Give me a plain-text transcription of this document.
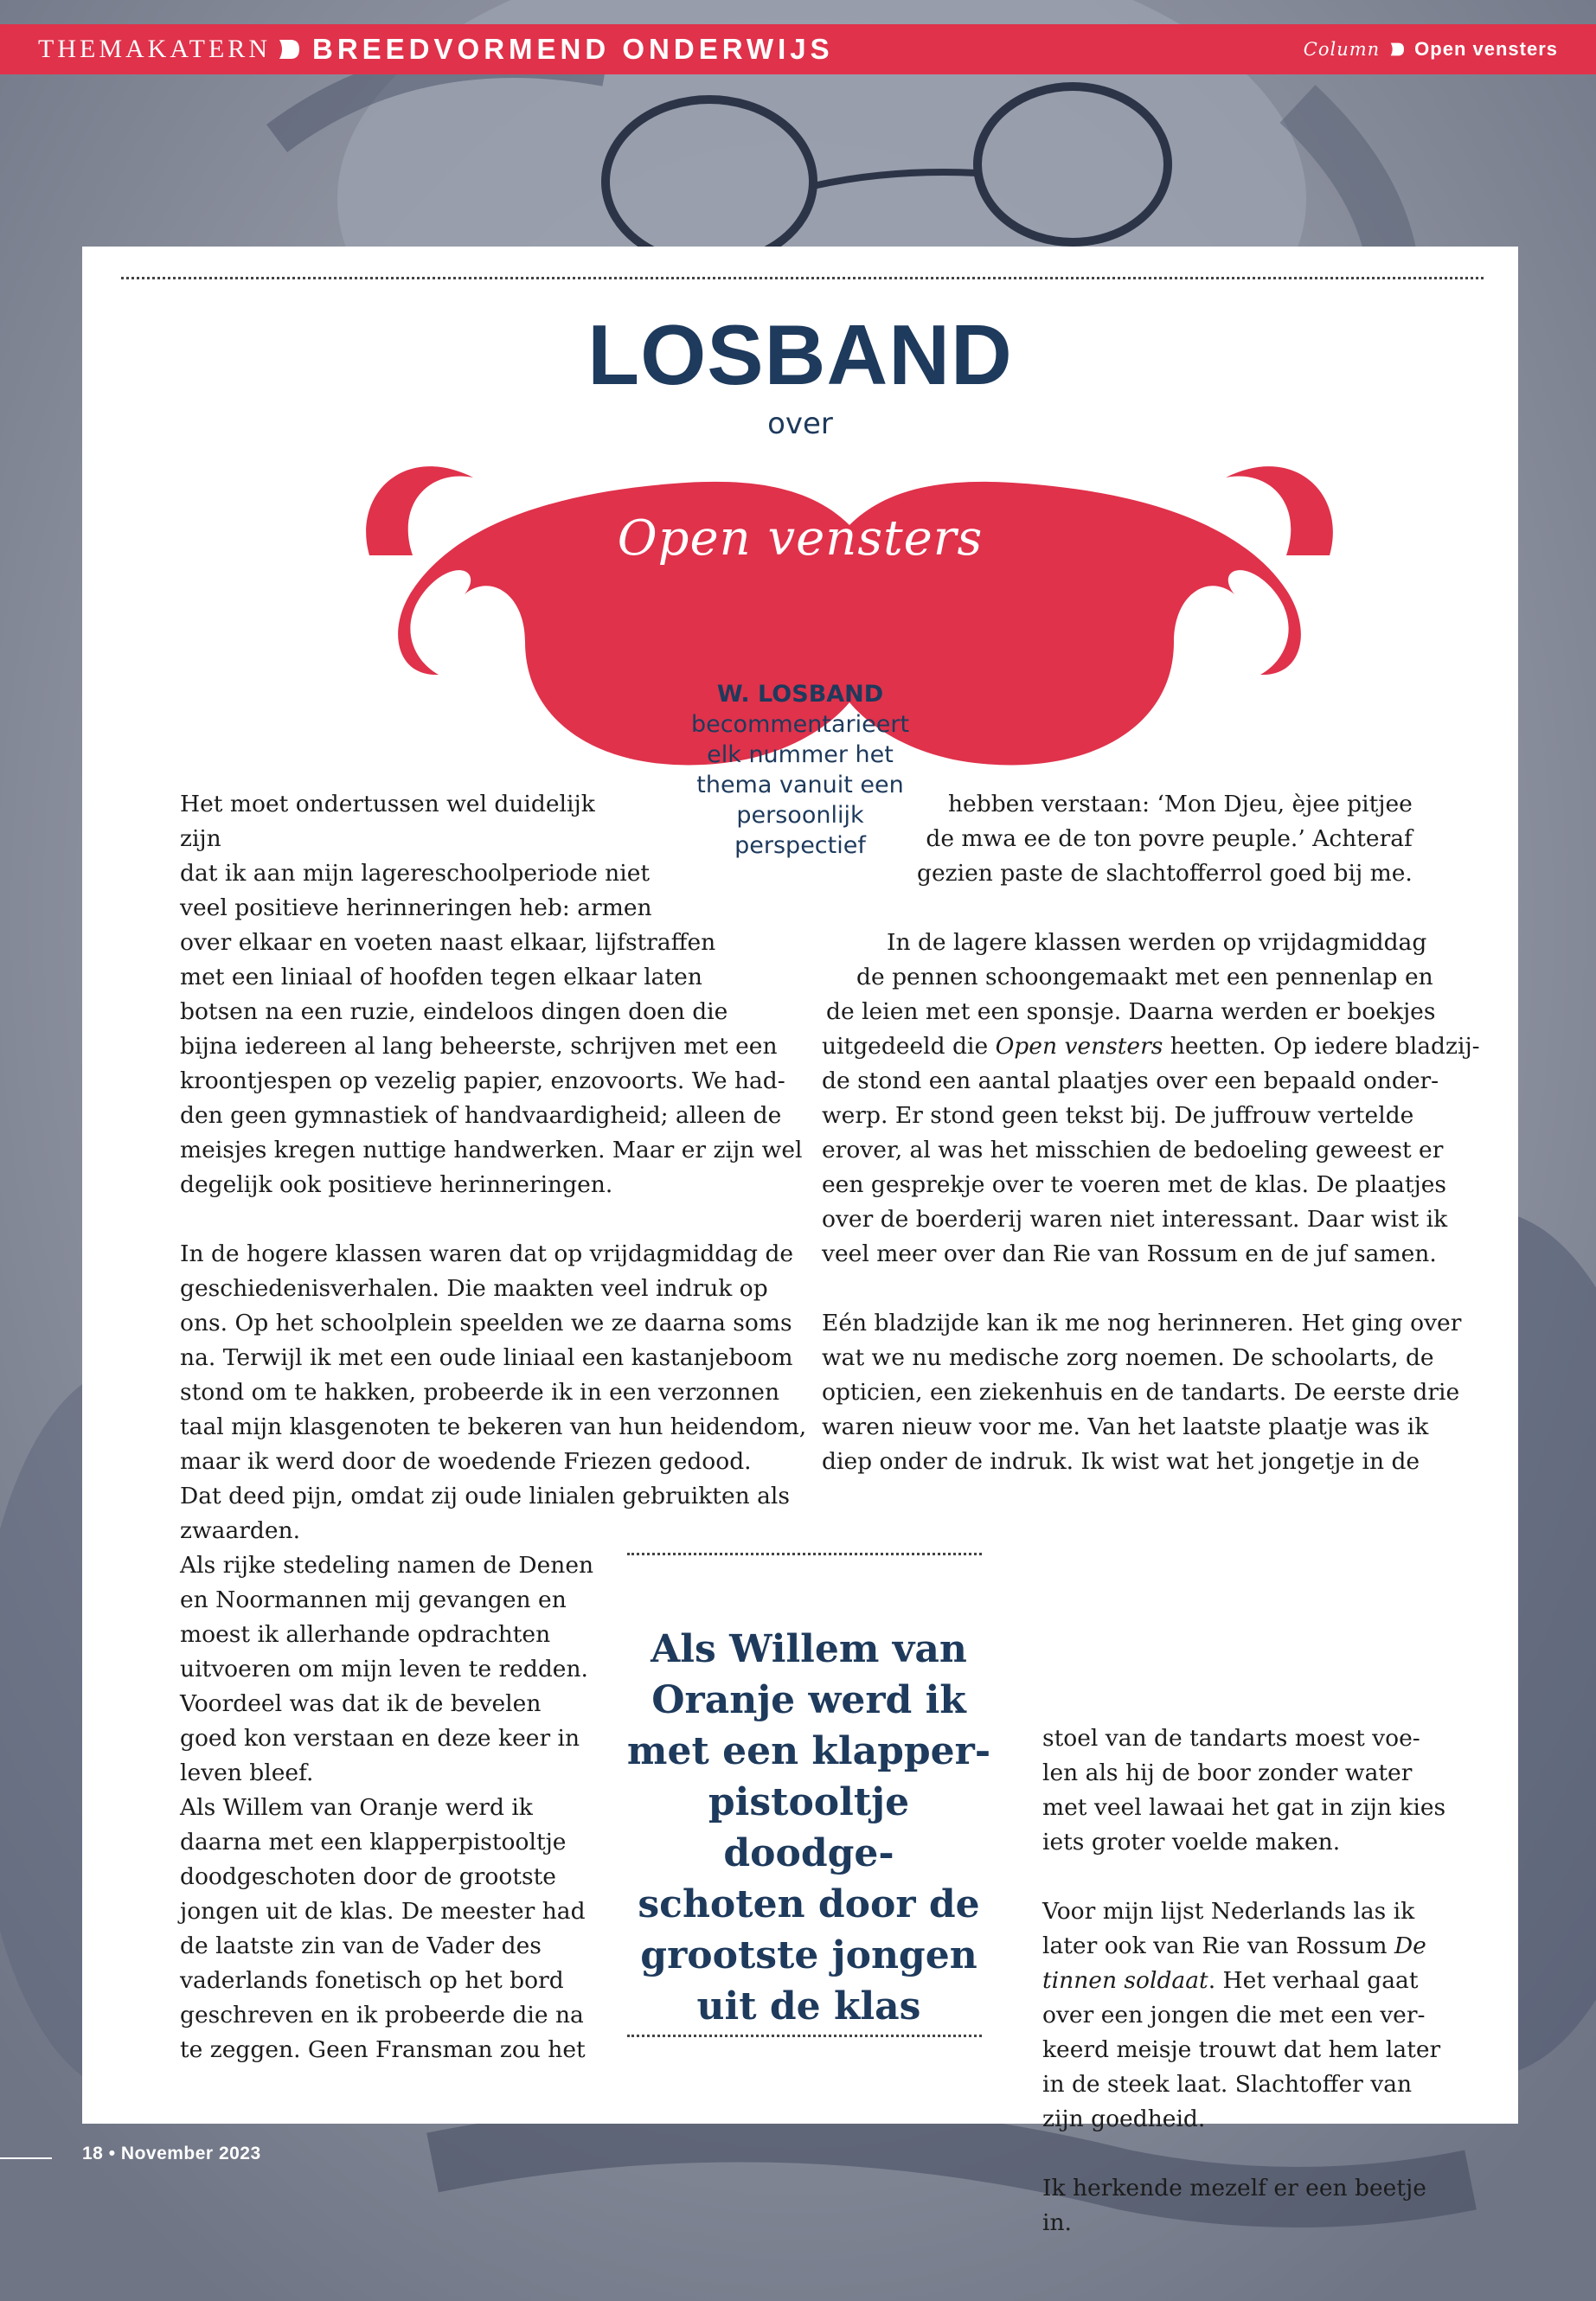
THEMAKATERN BREEDVORMEND ONDERWIJS	Column Open vensters
LOSBAND
over
Open vensters
W. LOSBAND
becommentarieert
elk nummer het
thema vanuit een
persoonlijk
perspectief

Het moet ondertussen wel duidelijk zijn

dat ik aan mijn lagereschoolperiode niet

veel positieve herinneringen heb: armen

over elkaar en voeten naast elkaar, lijfstraffen

met een liniaal of hoofden tegen elkaar laten

botsen na een ruzie, eindeloos dingen doen die

bijna iedereen al lang beheerste, schrijven met een

kroontjespen op vezelig papier, enzovoorts. We had-

den geen gymnastiek of handvaardigheid; alleen de

meisjes kregen nuttige handwerken. Maar er zijn wel

degelijk ook positieve herinneringen.

In de hogere klassen waren dat op vrijdagmiddag de

geschiedenisverhalen. Die maakten veel indruk op

ons. Op het schoolplein speelden we ze daarna soms

na. Terwijl ik met een oude liniaal een kastanjeboom

stond om te hakken, probeerde ik in een verzonnen

taal mijn klasgenoten te bekeren van hun heidendom,

maar ik werd door de woedende Friezen gedood.

Dat deed pijn, omdat zij oude linialen gebruikten als

zwaarden.

Als rijke stedeling namen de Denen

en Noormannen mij gevangen en

moest ik allerhande opdrachten

uitvoeren om mijn leven te redden.

Voordeel was dat ik de bevelen

goed kon verstaan en deze keer in

leven bleef.

Als Willem van Oranje werd ik

daarna met een klapperpistooltje

doodgeschoten door de grootste

jongen uit de klas. De meester had

de laatste zin van de Vader des

vaderlands fonetisch op het bord

geschreven en ik probeerde die na

te zeggen. Geen Fransman zou het

hebben verstaan: ‘Mon Djeu, èjee pitjee

de mwa ee de ton povre peuple.’ Achteraf

gezien paste de slachtofferrol goed bij me.

In de lagere klassen werden op vrijdagmiddag

de pennen schoongemaakt met een pennenlap en

de leien met een sponsje. Daarna werden er boekjes

uitgedeeld die Open vensters heetten. Op iedere bladzij-

de stond een aantal plaatjes over een bepaald onder-

werp. Er stond geen tekst bij. De juffrouw vertelde

erover, al was het misschien de bedoeling geweest er

een gesprekje over te voeren met de klas. De plaatjes

over de boerderij waren niet interessant. Daar wist ik

veel meer over dan Rie van Rossum en de juf samen.

Eén bladzijde kan ik me nog herinneren. Het ging over

wat we nu medische zorg noemen. De schoolarts, de

opticien, een ziekenhuis en de tandarts. De eerste drie

waren nieuw voor me. Van het laatste plaatje was ik

diep onder de indruk. Ik wist wat het jongetje in de

stoel van de tandarts moest voe-

len als hij de boor zonder water

met veel lawaai het gat in zijn kies

iets groter voelde maken.

Voor mijn lijst Nederlands las ik

later ook van Rie van Rossum De

tinnen soldaat. Het verhaal gaat

over een jongen die met een ver-

keerd meisje trouwt dat hem later

in de steek laat. Slachtoffer van

zijn goedheid.

Ik herkende mezelf er een beetje

in.

Als Willem van
Oranje werd ik
met een klapper-
pistooltje doodge-
schoten door de
grootste jongen
uit de klas
18 • November 2023
